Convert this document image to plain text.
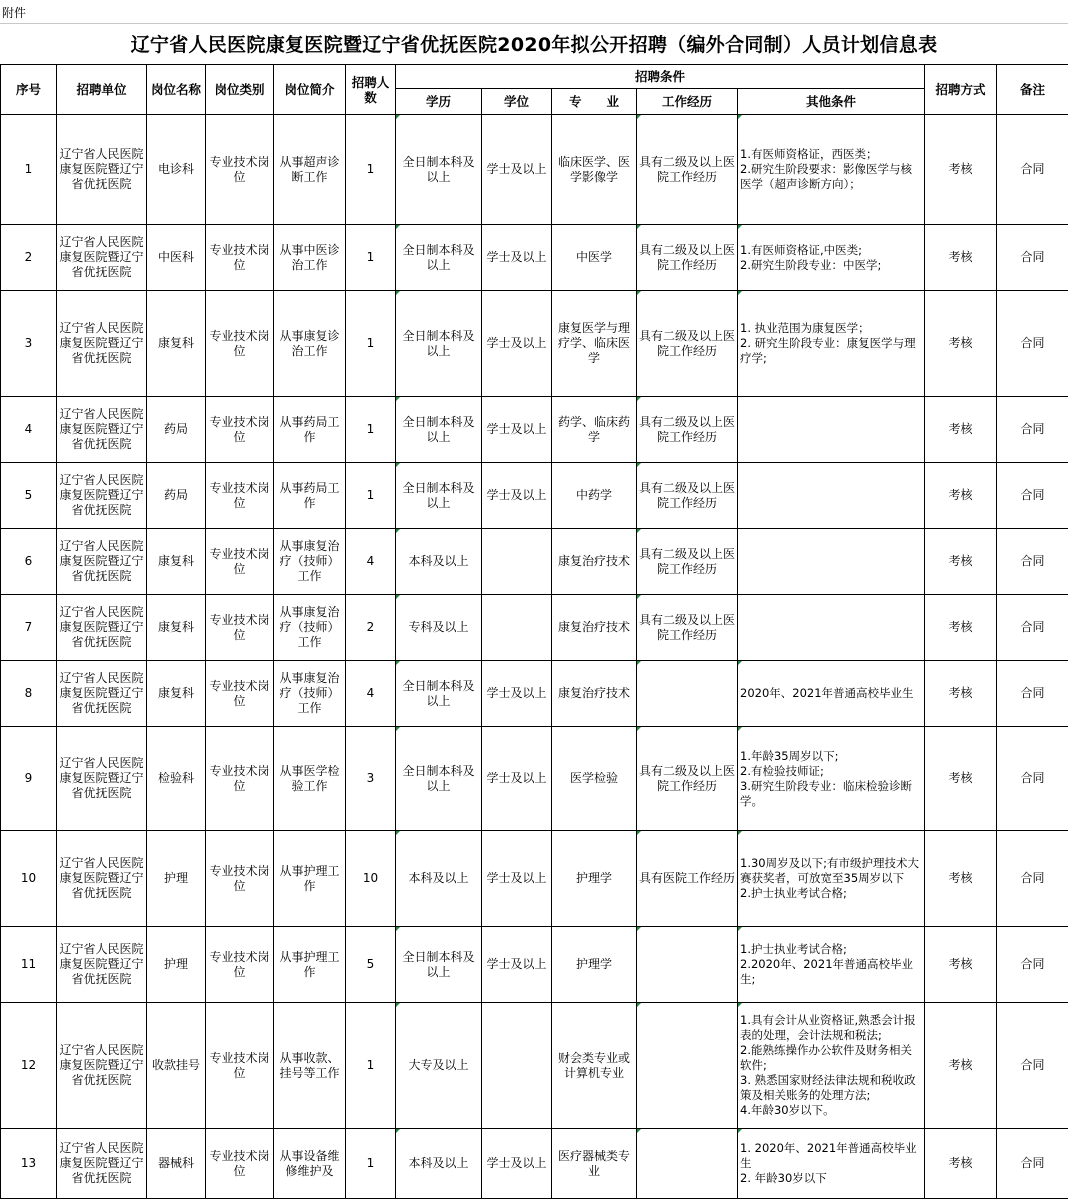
附件
辽宁省人民医院康复医院暨辽宁省优抚医院2020年拟公开招聘（编外合同制）人员计划信息表
序号	招聘单位	岗位名称	岗位类别	岗位简介	招聘人数	招聘条件					招聘方式	备注
						学历	学位	专　　业	工作经历	其他条件		
1	辽宁省人民医院康复医院暨辽宁省优抚医院	电诊科	专业技术岗位	从事超声诊断工作	1	全日制本科及以上	学士及以上	临床医学、医学影像学	具有二级及以上医院工作经历	1.有医师资格证，西医类；
2.研究生阶段要求：影像医学与核医学（超声诊断方向）；	考核	合同
2	辽宁省人民医院康复医院暨辽宁省优抚医院	中医科	专业技术岗位	从事中医诊治工作	1	全日制本科及以上	学士及以上	中医学	具有二级及以上医院工作经历	1.有医师资格证,中医类;
2.研究生阶段专业：中医学;	考核	合同
3	辽宁省人民医院康复医院暨辽宁省优抚医院	康复科	专业技术岗位	从事康复诊治工作	1	全日制本科及以上	学士及以上	康复医学与理疗学、临床医学	具有二级及以上医院工作经历	1. 执业范围为康复医学；
2. 研究生阶段专业：康复医学与理疗学;	考核	合同
4	辽宁省人民医院康复医院暨辽宁省优抚医院	药局	专业技术岗位	从事药局工作	1	全日制本科及以上	学士及以上	药学、临床药学	具有二级及以上医院工作经历		考核	合同
5	辽宁省人民医院康复医院暨辽宁省优抚医院	药局	专业技术岗位	从事药局工作	1	全日制本科及以上	学士及以上	中药学	具有二级及以上医院工作经历		考核	合同
6	辽宁省人民医院康复医院暨辽宁省优抚医院	康复科	专业技术岗位	从事康复治疗（技师）工作	4	本科及以上		康复治疗技术	具有二级及以上医院工作经历		考核	合同
7	辽宁省人民医院康复医院暨辽宁省优抚医院	康复科	专业技术岗位	从事康复治疗（技师）工作	2	专科及以上		康复治疗技术	具有二级及以上医院工作经历		考核	合同
8	辽宁省人民医院康复医院暨辽宁省优抚医院	康复科	专业技术岗位	从事康复治疗（技师）工作	4	全日制本科及以上	学士及以上	康复治疗技术		2020年、2021年普通高校毕业生	考核	合同
9	辽宁省人民医院康复医院暨辽宁省优抚医院	检验科	专业技术岗位	从事医学检验工作	3	全日制本科及以上	学士及以上	医学检验	具有二级及以上医院工作经历	1.年龄35周岁以下;
2.有检验技师证;
3.研究生阶段专业：临床检验诊断学。	考核	合同
10	辽宁省人民医院康复医院暨辽宁省优抚医院	护理	专业技术岗位	从事护理工作	10	本科及以上	学士及以上	护理学	具有医院工作经历	1.30周岁及以下;有市级护理技术大赛获奖者，可放宽至35周岁以下
2.护士执业考试合格;	考核	合同
11	辽宁省人民医院康复医院暨辽宁省优抚医院	护理	专业技术岗位	从事护理工作	5	全日制本科及以上	学士及以上	护理学		1.护士执业考试合格;
2.2020年、2021年普通高校毕业生;	考核	合同
12	辽宁省人民医院康复医院暨辽宁省优抚医院	收款挂号	专业技术岗位	从事收款、挂号等工作	1	大专及以上		财会类专业或计算机专业		1.具有会计从业资格证,熟悉会计报表的处理，会计法规和税法;
2.能熟练操作办公软件及财务相关软件;
3. 熟悉国家财经法律法规和税收政策及相关账务的处理方法;
4.年龄30岁以下。	考核	合同
13	辽宁省人民医院康复医院暨辽宁省优抚医院	器械科	专业技术岗位	从事设备维修维护及	1	本科及以上	学士及以上	医疗器械类专业		1. 2020年、2021年普通高校毕业生
2. 年龄30岁以下	考核	合同
